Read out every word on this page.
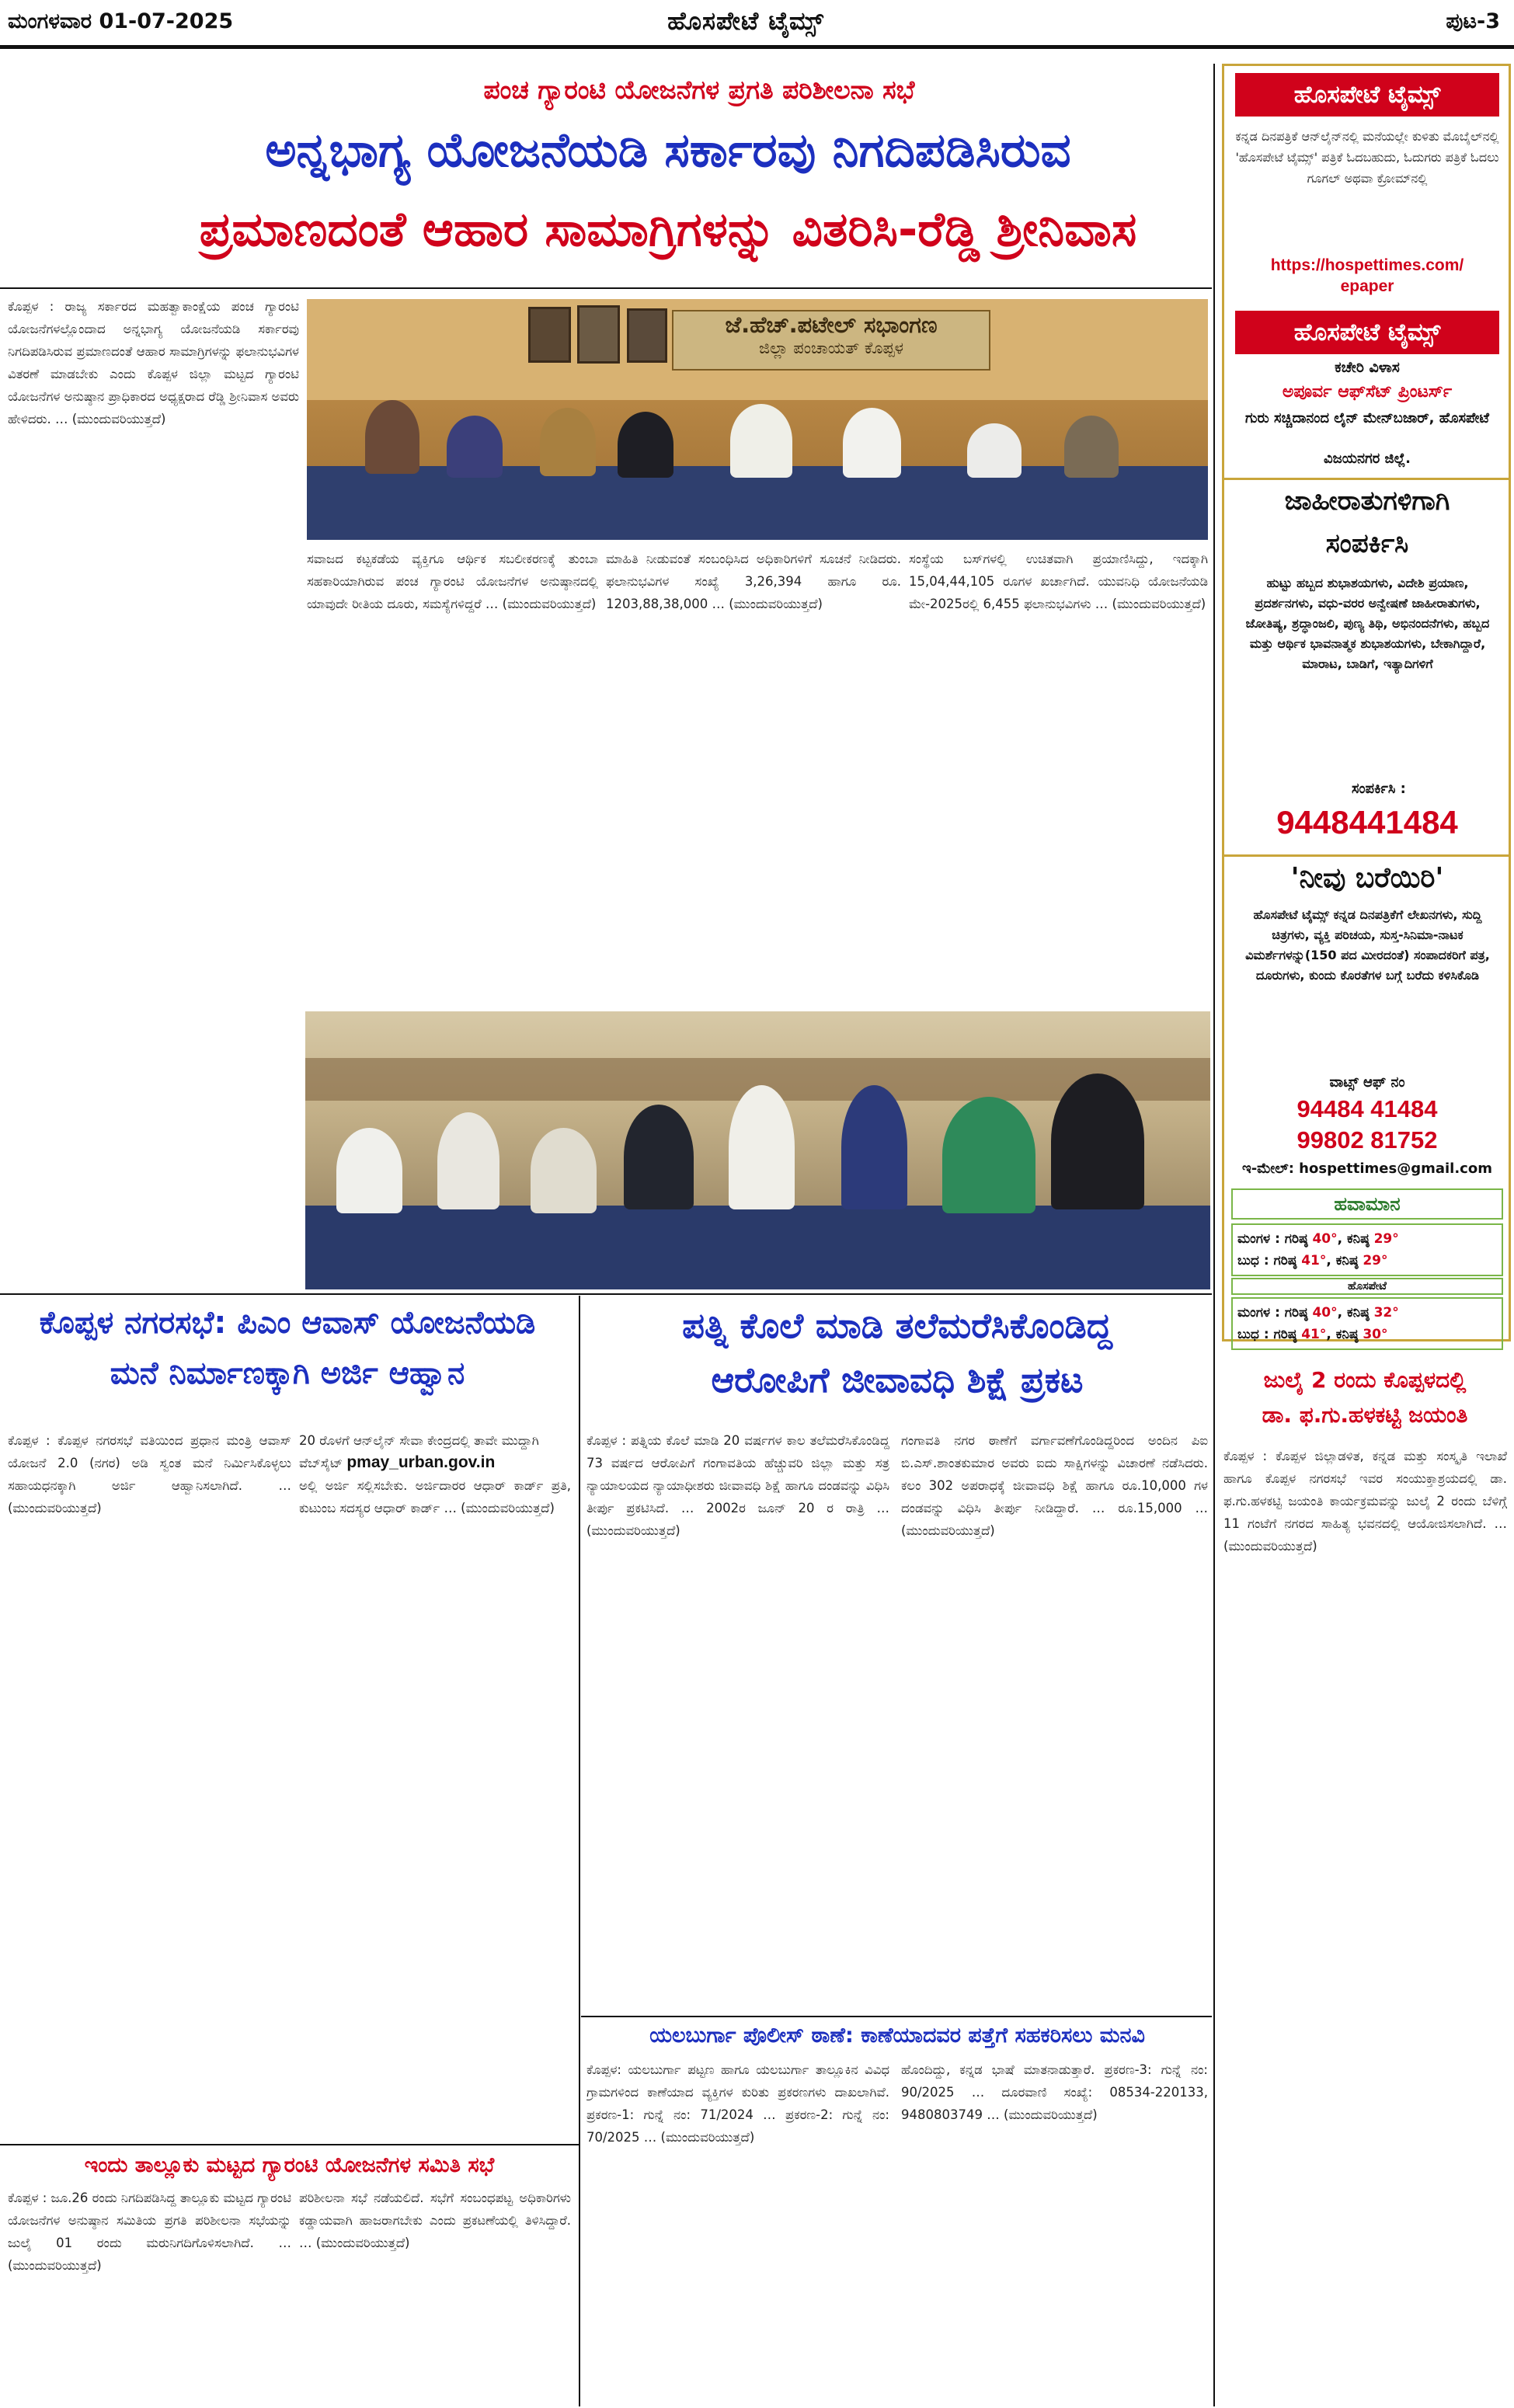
ಮಂಗಳವಾರ 01-07-2025	ಹೊಸಪೇಟೆ ಟೈಮ್ಸ್	ಪುಟ-3
ಪಂಚ ಗ್ಯಾರಂಟಿ ಯೋಜನೆಗಳ ಪ್ರಗತಿ ಪರಿಶೀಲನಾ ಸಭೆ
ಅನ್ನಭಾಗ್ಯ ಯೋಜನೆಯಡಿ ಸರ್ಕಾರವು ನಿಗದಿಪಡಿಸಿರುವ
ಪ್ರಮಾಣದಂತೆ ಆಹಾರ ಸಾಮಾಗ್ರಿಗಳನ್ನು ವಿತರಿಸಿ-ರೆಡ್ಡಿ ಶ್ರೀನಿವಾಸ
ಕೊಪ್ಪಳ : ರಾಜ್ಯ ಸರ್ಕಾರದ ಮಹತ್ವಾಕಾಂಕ್ಷೆಯ ಪಂಚ ಗ್ಯಾರಂಟಿ ಯೋಜನೆಗಳಲ್ಲೊಂದಾದ ಅನ್ನಭಾಗ್ಯ ಯೋಜನೆಯಡಿ ಸರ್ಕಾರವು ನಿಗದಿಪಡಿಸಿರುವ ಪ್ರಮಾಣದಂತೆ ಆಹಾರ ಸಾಮಾಗ್ರಿಗಳನ್ನು ಫಲಾನುಭವಿಗಳ ವಿತರಣೆ ಮಾಡಬೇಕು ಎಂದು ಕೊಪ್ಪಳ ಜಿಲ್ಲಾ ಮಟ್ಟದ ಗ್ಯಾರಂಟಿ ಯೋಜನೆಗಳ ಅನುಷ್ಠಾನ ಪ್ರಾಧಿಕಾರದ ಅಧ್ಯಕ್ಷರಾದ ರೆಡ್ಡಿ ಶ್ರೀನಿವಾಸ ಅವರು ಹೇಳಿದರು. … (ಮುಂದುವರಿಯುತ್ತದೆ)
ಜೆ.ಹೆಚ್.ಪಟೇಲ್ ಸಭಾಂಗಣ
ಜಿಲ್ಲಾ ಪಂಚಾಯತ್ ಕೊಪ್ಪಳ
ಸವಾಜದ ಕಟ್ಟಕಡೆಯ ವ್ಯಕ್ತಿಗೂ ಆರ್ಥಿಕ ಸಬಲೀಕರಣಕ್ಕೆ ತುಂಬಾ ಸಹಕಾರಿಯಾಗಿರುವ ಪಂಚ ಗ್ಯಾರಂಟಿ ಯೋಜನೆಗಳ ಅನುಷ್ಠಾನದಲ್ಲಿ ಯಾವುದೇ ರೀತಿಯ ದೂರು, ಸಮಸ್ಯೆಗಳಿದ್ದರೆ … (ಮುಂದುವರಿಯುತ್ತದೆ)
ಮಾಹಿತಿ ನೀಡುವಂತೆ ಸಂಬಂಧಿಸಿದ ಅಧಿಕಾರಿಗಳಿಗೆ ಸೂಚನೆ ನೀಡಿದರು. ಫಲಾನುಭವಿಗಳ ಸಂಖ್ಯೆ 3,26,394 ಹಾಗೂ ರೂ. 1203,88,38,000 … (ಮುಂದುವರಿಯುತ್ತದೆ)
ಸಂಸ್ಥೆಯ ಬಸ್‌ಗಳಲ್ಲಿ ಉಚಿತವಾಗಿ ಪ್ರಯಾಣಿಸಿದ್ದು, ಇದಕ್ಕಾಗಿ 15,04,44,105 ರೂಗಳ ಖರ್ಚಾಗಿದೆ. ಯುವನಿಧಿ ಯೋಜನೆಯಡಿ ಮೇ-2025ರಲ್ಲಿ 6,455 ಫಲಾನುಭವಿಗಳು … (ಮುಂದುವರಿಯುತ್ತದೆ)
ಕೊಪ್ಪಳ ನಗರಸಭೆ: ಪಿಎಂ ಆವಾಸ್ ಯೋಜನೆಯಡಿ
ಮನೆ ನಿರ್ಮಾಣಕ್ಕಾಗಿ ಅರ್ಜಿ ಆಹ್ವಾನ
ಕೊಪ್ಪಳ : ಕೊಪ್ಪಳ ನಗರಸಭೆ ವತಿಯಿಂದ ಪ್ರಧಾನ ಮಂತ್ರಿ ಆವಾಸ್ ಯೋಜನೆ 2.0 (ನಗರ) ಅಡಿ ಸ್ವಂತ ಮನೆ ನಿರ್ಮಿಸಿಕೊಳ್ಳಲು ಸಹಾಯಧನಕ್ಕಾಗಿ ಅರ್ಜಿ ಆಹ್ವಾನಿಸಲಾಗಿದೆ. … (ಮುಂದುವರಿಯುತ್ತದೆ)
20 ರೊಳಗೆ ಆನ್‌ಲೈನ್ ಸೇವಾ ಕೇಂದ್ರದಲ್ಲಿ ತಾವೇ ಮುದ್ದಾಗಿ ವೆಬ್‌ಸೈಟ್ pmay_urban.gov.in
ಅಲ್ಲಿ ಅರ್ಜಿ ಸಲ್ಲಿಸಬೇಕು. ಅರ್ಜಿದಾರರ ಆಧಾರ್ ಕಾರ್ಡ್ ಪ್ರತಿ, ಕುಟುಂಬ ಸದಸ್ಯರ ಆಧಾರ್ ಕಾರ್ಡ್ … (ಮುಂದುವರಿಯುತ್ತದೆ)
ಇಂದು ತಾಲ್ಲೂಕು ಮಟ್ಟದ ಗ್ಯಾರಂಟಿ ಯೋಜನೆಗಳ ಸಮಿತಿ ಸಭೆ
ಕೊಪ್ಪಳ : ಜೂ.26 ರಂದು ನಿಗದಿಪಡಿಸಿದ್ದ ತಾಲ್ಲೂಕು ಮಟ್ಟದ ಗ್ಯಾರಂಟಿ ಯೋಜನೆಗಳ ಅನುಷ್ಠಾನ ಸಮಿತಿಯ ಪ್ರಗತಿ ಪರಿಶೀಲನಾ ಸಭೆಯನ್ನು ಜುಲೈ 01 ರಂದು ಮರುನಿಗದಿಗೊಳಿಸಲಾಗಿದೆ. … (ಮುಂದುವರಿಯುತ್ತದೆ)
ಪರಿಶೀಲನಾ ಸಭೆ ನಡೆಯಲಿದೆ. ಸಭೆಗೆ ಸಂಬಂಧಪಟ್ಟ ಅಧಿಕಾರಿಗಳು ಕಡ್ಡಾಯವಾಗಿ ಹಾಜರಾಗಬೇಕು ಎಂದು ಪ್ರಕಟಣೆಯಲ್ಲಿ ತಿಳಿಸಿದ್ದಾರೆ. … (ಮುಂದುವರಿಯುತ್ತದೆ)
ಪತ್ನಿ ಕೊಲೆ ಮಾಡಿ ತಲೆಮರೆಸಿಕೊಂಡಿದ್ದ
ಆರೋಪಿಗೆ ಜೀವಾವಧಿ ಶಿಕ್ಷೆ ಪ್ರಕಟ
ಕೊಪ್ಪಳ : ಪತ್ನಿಯ ಕೊಲೆ ಮಾಡಿ 20 ವರ್ಷಗಳ ಕಾಲ ತಲೆಮರೆಸಿಕೊಂಡಿದ್ದ 73 ವರ್ಷದ ಆರೋಪಿಗೆ ಗಂಗಾವತಿಯ ಹೆಚ್ಚುವರಿ ಜಿಲ್ಲಾ ಮತ್ತು ಸತ್ರ ನ್ಯಾಯಾಲಯದ ನ್ಯಾಯಾಧೀಶರು ಜೀವಾವಧಿ ಶಿಕ್ಷೆ ಹಾಗೂ ದಂಡವನ್ನು ವಿಧಿಸಿ ತೀರ್ಪು ಪ್ರಕಟಿಸಿದೆ. … 2002ರ ಜೂನ್ 20 ರ ರಾತ್ರಿ … (ಮುಂದುವರಿಯುತ್ತದೆ)
ಗಂಗಾವತಿ ನಗರ ಠಾಣೆಗೆ ವರ್ಗಾವಣೆಗೊಂಡಿದ್ದರಿಂದ ಅಂದಿನ ಪಿಐ ಬಿ.ಎಸ್.ಶಾಂತಕುಮಾರ ಅವರು ಐದು ಸಾಕ್ಷಿಗಳನ್ನು ವಿಚಾರಣೆ ನಡೆಸಿದರು. ಕಲಂ 302 ಅಪರಾಧಕ್ಕೆ ಜೀವಾವಧಿ ಶಿಕ್ಷೆ ಹಾಗೂ ರೂ.10,000 ಗಳ ದಂಡವನ್ನು ವಿಧಿಸಿ ತೀರ್ಪು ನೀಡಿದ್ದಾರೆ. … ರೂ.15,000 … (ಮುಂದುವರಿಯುತ್ತದೆ)
ಯಲಬುರ್ಗಾ ಪೊಲೀಸ್ ಠಾಣೆ: ಕಾಣೆಯಾದವರ ಪತ್ತೆಗೆ ಸಹಕರಿಸಲು ಮನವಿ
ಕೊಪ್ಪಳ: ಯಲಬುರ್ಗಾ ಪಟ್ಟಣ ಹಾಗೂ ಯಲಬುರ್ಗಾ ತಾಲ್ಲೂಕಿನ ವಿವಿಧ ಗ್ರಾಮಗಳಿಂದ ಕಾಣೆಯಾದ ವ್ಯಕ್ತಿಗಳ ಕುರಿತು ಪ್ರಕರಣಗಳು ದಾಖಲಾಗಿವೆ. ಪ್ರಕರಣ-1: ಗುನ್ನೆ ನಂ: 71/2024 … ಪ್ರಕರಣ-2: ಗುನ್ನೆ ನಂ: 70/2025 … (ಮುಂದುವರಿಯುತ್ತದೆ)
ಹೊಂದಿದ್ದು, ಕನ್ನಡ ಭಾಷೆ ಮಾತನಾಡುತ್ತಾರೆ. ಪ್ರಕರಣ-3: ಗುನ್ನೆ ನಂ: 90/2025 … ದೂರವಾಣಿ ಸಂಖ್ಯೆ: 08534-220133, 9480803749 … (ಮುಂದುವರಿಯುತ್ತದೆ)
ಹೊಸಪೇಟೆ ಟೈಮ್ಸ್
ಕನ್ನಡ ದಿನಪತ್ರಿಕೆ ಆನ್‌ಲೈನ್‌ನಲ್ಲಿ ಮನೆಯಲ್ಲೇ ಕುಳಿತು ಮೊಬೈಲ್‌ನಲ್ಲಿ 'ಹೊಸಪೇಟೆ ಟೈಮ್ಸ್' ಪತ್ರಿಕೆ ಓದಬಹುದು, ಓದುಗರು ಪತ್ರಿಕೆ ಓದಲು ಗೂಗಲ್ ಅಥವಾ ಕ್ರೋಮ್‌ನಲ್ಲಿ
https://hospettimes.com/
epaper
ಹೊಸಪೇಟೆ ಟೈಮ್ಸ್
ಕಚೇರಿ ವಿಳಾಸ
ಅಪೂರ್ವ ಆಫ್‌ಸೆಟ್ ಪ್ರಿಂಟರ್ಸ್
ಗುರು ಸಚ್ಚಿದಾನಂದ ಲೈನ್ ಮೇನ್‌ಬಜಾರ್, ಹೊಸಪೇಟೆ
ವಿಜಯನಗರ ಜಿಲ್ಲೆ.
ಜಾಹೀರಾತುಗಳಿಗಾಗಿ
ಸಂಪರ್ಕಿಸಿ
ಹುಟ್ಟು ಹಬ್ಬದ ಶುಭಾಶಯಗಳು, ವಿದೇಶಿ ಪ್ರಯಾಣ, ಪ್ರದರ್ಶನಗಳು, ವಧು-ವರರ ಅನ್ವೇಷಣೆ ಜಾಹೀರಾತುಗಳು, ಜೋತಿಷ್ಯ, ಶ್ರದ್ಧಾಂಜಲಿ, ಪುಣ್ಯ ತಿಥಿ, ಅಭಿನಂದನೆಗಳು, ಹಬ್ಬದ ಮತ್ತು ಆರ್ಥಿಕ ಭಾವನಾತ್ಮಕ ಶುಭಾಶಯಗಳು, ಬೇಕಾಗಿದ್ದಾರೆ, ಮಾರಾಟ, ಬಾಡಿಗೆ, ಇತ್ಯಾದಿಗಳಿಗೆ
ಸಂಪರ್ಕಿಸಿ :
9448441484
'ನೀವು ಬರೆಯಿರಿ'
ಹೊಸಪೇಟೆ ಟೈಮ್ಸ್ ಕನ್ನಡ ದಿನಪತ್ರಿಕೆಗೆ ಲೇಖನಗಳು, ಸುದ್ದಿ ಚಿತ್ರಗಳು, ವ್ಯಕ್ತಿ ಪರಿಚಯ, ಸುಸ್ತ-ಸಿನಿಮಾ-ನಾಟಕ ವಿಮರ್ಶೆಗಳನ್ನು(150 ಪದ ಮೀರದಂತೆ) ಸಂಪಾದಕರಿಗೆ ಪತ್ರ, ದೂರುಗಳು, ಕುಂದು ಕೊರತೆಗಳ ಬಗ್ಗೆ ಬರೆದು ಕಳಿಸಿಕೊಡಿ
ವಾಟ್ಸ್ ಆಫ್ ನಂ
94484 41484
99802 81752
ಇ-ಮೇಲ್: hospettimes@gmail.com
ಹವಾಮಾನ
ಮಂಗಳ : ಗರಿಷ್ಠ 40°, ಕನಿಷ್ಠ 29°
ಬುಧ : ಗರಿಷ್ಠ 41°, ಕನಿಷ್ಠ 29°
ಹೊಸಪೇಟೆ
ಮಂಗಳ : ಗರಿಷ್ಠ 40°, ಕನಿಷ್ಠ 32°
ಬುಧ : ಗರಿಷ್ಠ 41°, ಕನಿಷ್ಠ 30°
ಜುಲೈ 2 ರಂದು ಕೊಪ್ಪಳದಲ್ಲಿ
ಡಾ. ಫ.ಗು.ಹಳಕಟ್ಟಿ ಜಯಂತಿ
ಕೊಪ್ಪಳ : ಕೊಪ್ಪಳ ಜಿಲ್ಲಾಡಳಿತ, ಕನ್ನಡ ಮತ್ತು ಸಂಸ್ಕೃತಿ ಇಲಾಖೆ ಹಾಗೂ ಕೊಪ್ಪಳ ನಗರಸಭೆ ಇವರ ಸಂಯುಕ್ತಾಶ್ರಯದಲ್ಲಿ ಡಾ. ಫ.ಗು.ಹಳಕಟ್ಟಿ ಜಯಂತಿ ಕಾರ್ಯಕ್ರಮವನ್ನು ಜುಲೈ 2 ರಂದು ಬೆಳಿಗ್ಗೆ 11 ಗಂಟೆಗೆ ನಗರದ ಸಾಹಿತ್ಯ ಭವನದಲ್ಲಿ ಆಯೋಜಿಸಲಾಗಿದೆ. … (ಮುಂದುವರಿಯುತ್ತದೆ)
